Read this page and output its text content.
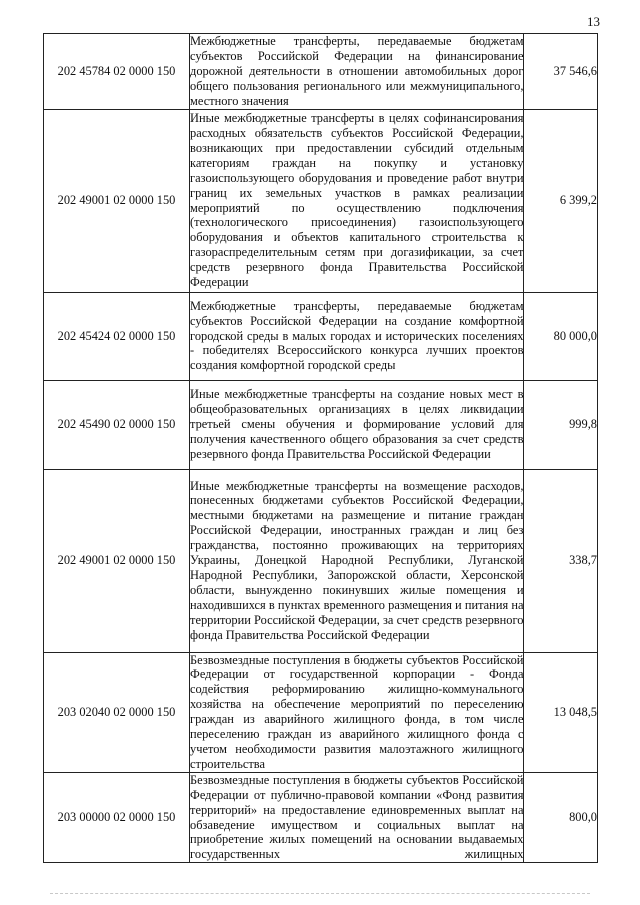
13
202 45784 02 0000 150	Межбюджетные трансферты, передаваемые бюджетам субъектов Российской Федерации на финансирование дорожной деятельности в отношении автомобильных дорог общего пользования регионального или межмуниципального, местного значения	37 546,6
202 49001 02 0000 150	Иные межбюджетные трансферты в целях софинансирования расходных обязательств субъектов Российской Федерации, возникающих при предоставлении субсидий отдельным категориям граждан на покупку и установку газоиспользующего оборудования и проведение работ внутри границ их земельных участков в рамках реализации мероприятий по осуществлению подключения (технологического присоединения) газоиспользующего оборудования и объектов капитального строительства к газораспределительным сетям при догазификации, за счет средств резервного фонда Правительства Российской Федерации	6 399,2
202 45424 02 0000 150	Межбюджетные трансферты, передаваемые бюджетам субъектов Российской Федерации на создание комфортной городской среды в малых городах и исторических поселениях - победителях Всероссийского конкурса лучших проектов создания комфортной городской среды	80 000,0
202 45490 02 0000 150	Иные межбюджетные трансферты на создание новых мест в общеобразовательных организациях в целях ликвидации третьей смены обучения и формирование условий для получения качественного общего образования за счет средств резервного фонда Правительства Российской Федерации	999,8
202 49001 02 0000 150	Иные межбюджетные трансферты на возмещение расходов, понесенных бюджетами субъектов Российской Федерации, местными бюджетами на размещение и питание граждан Российской Федерации, иностранных граждан и лиц без гражданства, постоянно проживающих на территориях Украины, Донецкой Народной Республики, Луганской Народной Республики, Запорожской области, Херсонской области, вынужденно покинувших жилые помещения и находившихся в пунктах временного размещения и питания на территории Российской Федерации, за счет средств резервного фонда Правительства Российской Федерации	338,7
203 02040 02 0000 150	Безвозмездные поступления в бюджеты субъектов Российской Федерации от государственной корпорации - Фонда содействия реформированию жилищно-коммунального хозяйства на обеспечение мероприятий по переселению граждан из аварийного жилищного фонда, в том числе переселению граждан из аварийного жилищного фонда с учетом необходимости развития малоэтажного жилищного строительства	13 048,5
203 00000 02 0000 150	Безвозмездные поступления в бюджеты субъектов Российской Федерации от публично-правовой компании «Фонд развития территорий» на предоставление единовременных выплат на обзаведение имуществом и социальных выплат на приобретение жилых помещений на основании выдаваемых государственных жилищных	800,0
